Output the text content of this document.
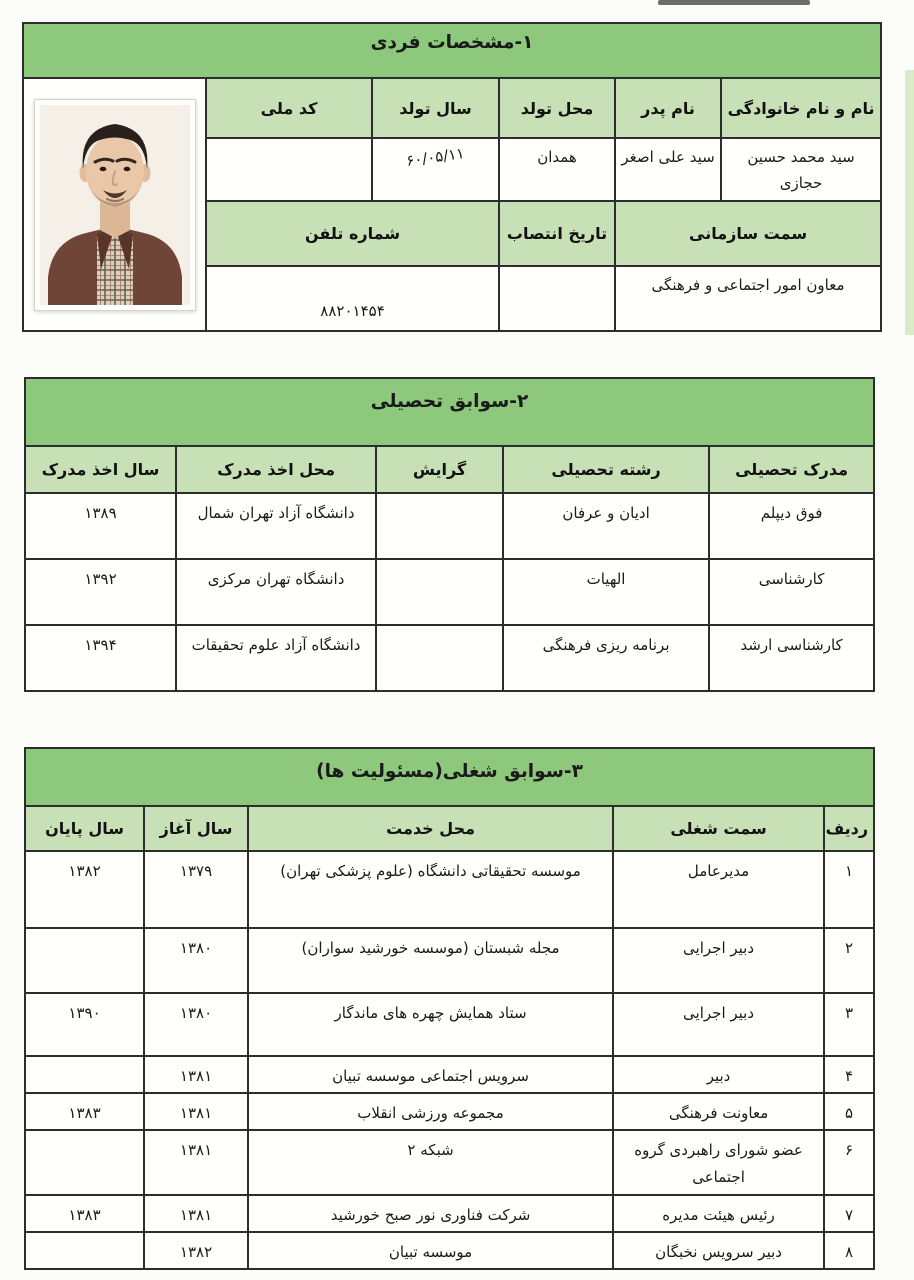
۱-مشخصات فردی					
نام و نام خانوادگی	نام پدر	محل تولد	سال تولد	کد ملی	

سید محمد حسین حجازی	سید علی اصغر	همدان	۶۰/۰۵/۱۱		
سمت سازمانی		تاریخ انتصاب	شماره تلفن		
معاون امور اجتماعی و فرهنگی			۸۸۲۰۱۴۵۴		
۲-سوابق تحصیلی				
مدرک تحصیلی	رشته تحصیلی	گرایش	محل اخذ مدرک	سال اخذ مدرک
فوق دیپلم	ادیان و عرفان		دانشگاه آزاد تهران شمال	۱۳۸۹
کارشناسی	الهیات		دانشگاه تهران مرکزی	۱۳۹۲
کارشناسی ارشد	برنامه ریزی فرهنگی		دانشگاه آزاد علوم تحقیقات	۱۳۹۴
۳-سوابق شغلی(مسئولیت ها)				
ردیف	سمت شغلی	محل خدمت	سال آغاز	سال پایان
۱	مدیرعامل	موسسه تحقیقاتی دانشگاه (علوم پزشکی تهران)	۱۳۷۹	۱۳۸۲
۲	دبیر اجرایی	مجله شبستان (موسسه خورشید سواران)	۱۳۸۰	
۳	دبیر اجرایی	ستاد همایش چهره های ماندگار	۱۳۸۰	۱۳۹۰
۴	دبیر	سرویس اجتماعی موسسه تبیان	۱۳۸۱	
۵	معاونت فرهنگی	مجموعه ورزشی انقلاب	۱۳۸۱	۱۳۸۳
۶	عضو شورای راهبردی گروه اجتماعی	شبکه ۲	۱۳۸۱	
۷	رئیس هیئت مدیره	شرکت فناوری نور صبح خورشید	۱۳۸۱	۱۳۸۳
۸	دبیر سرویس نخبگان	موسسه تبیان	۱۳۸۲	
